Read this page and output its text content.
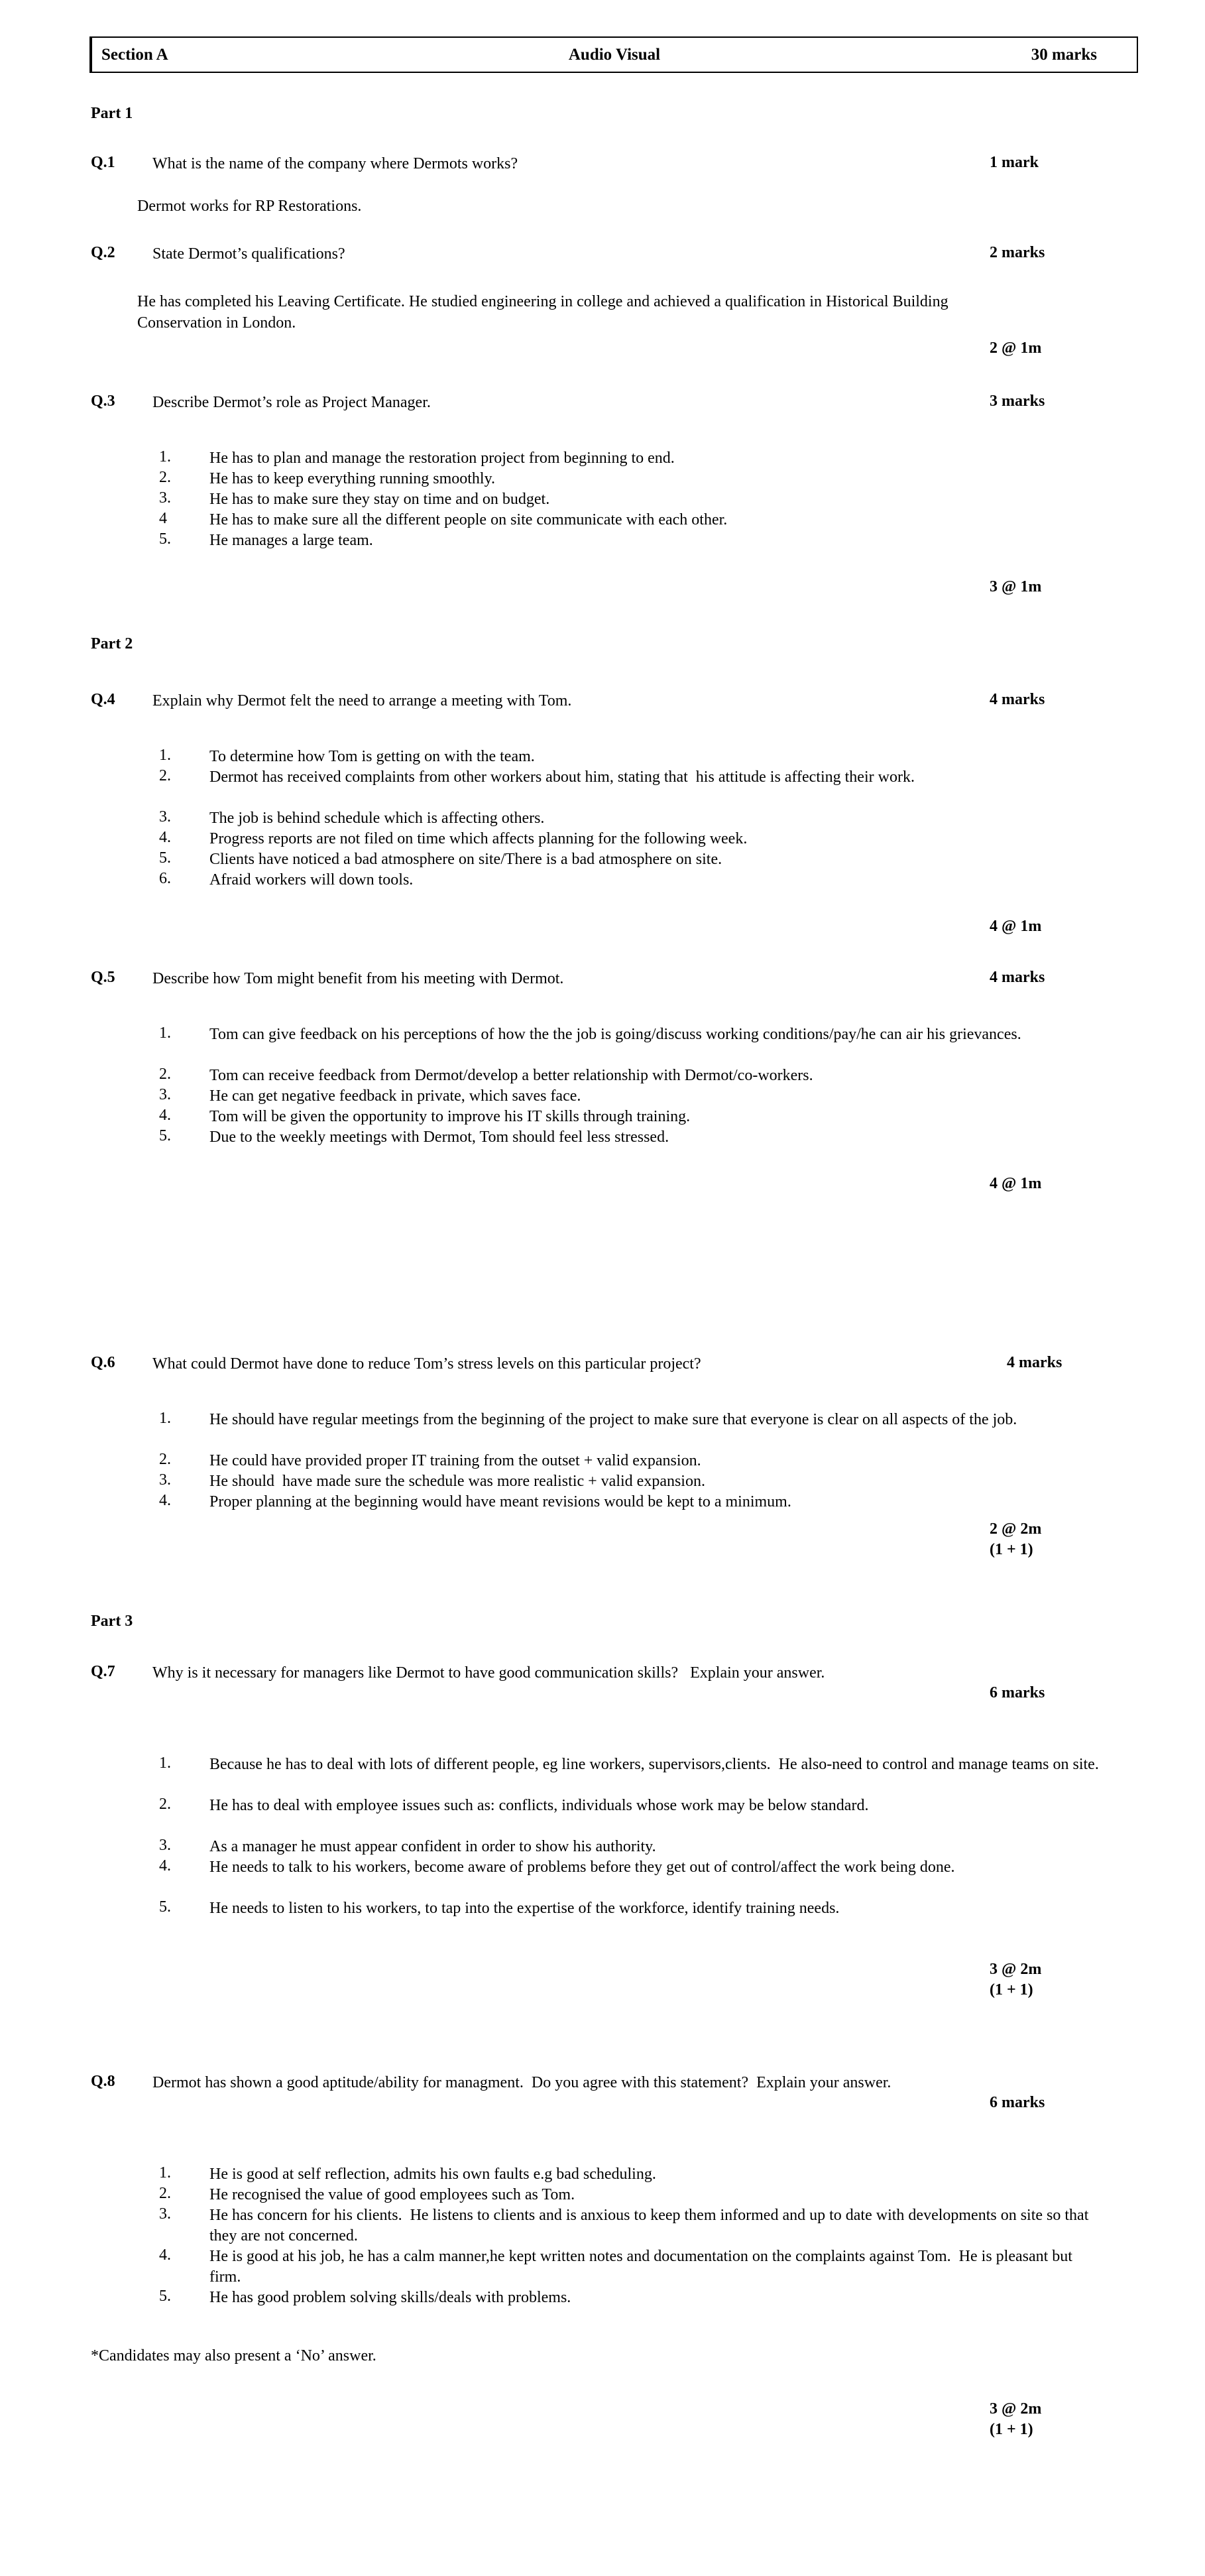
Section A	Audio Visual	30 marks
Part 1
Q.1 What is the name of the company where Dermots works?	1 mark
Dermot works for RP Restorations.
Q.2 State Dermot’s qualifications?	2 marks
He has completed his Leaving Certificate. He studied engineering in college and achieved a qualification in Historical Building Conservation in London.
2 @ 1m
Q.3 Describe Dermot’s role as Project Manager.	3 marks
1.	He has to plan and manage the restoration project from beginning to end.
2.	He has to keep everything running smoothly.
3.	He has to make sure they stay on time and on budget.
4	He has to make sure all the different people on site communicate with each other.
5.	He manages a large team.
3 @ 1m
Part 2
Q.4 Explain why Dermot felt the need to arrange a meeting with Tom.	4 marks
1.	To determine how Tom is getting on with the team.
2.	Dermot has received complaints from other workers about him, stating that  his attitude is affecting their work.
3.	The job is behind schedule which is affecting others.
4.	Progress reports are not filed on time which affects planning for the following week.
5.	Clients have noticed a bad atmosphere on site/There is a bad atmosphere on site.
6.	Afraid workers will down tools.
4 @ 1m
Q.5 Describe how Tom might benefit from his meeting with Dermot.	4 marks
1.	Tom can give feedback on his perceptions of how the the job is going/discuss working conditions/pay/he can air his grievances.
2.	Tom can receive feedback from Dermot/develop a better relationship with Dermot/co-workers.
3.	He can get negative feedback in private, which saves face.
4.	Tom will be given the opportunity to improve his IT skills through training.
5.	Due to the weekly meetings with Dermot, Tom should feel less stressed.
4 @ 1m
Q.6 What could Dermot have done to reduce Tom’s stress levels on this particular project?	4 marks
1.	He should have regular meetings from the beginning of the project to make sure that everyone is clear on all aspects of the job.
2.	He could have provided proper IT training from the outset + valid expansion.
3.	He should  have made sure the schedule was more realistic + valid expansion.
4.	Proper planning at the beginning would have meant revisions would be kept to a minimum.
2 @ 2m
(1 + 1)
Part 3
Q.7 Why is it necessary for managers like Dermot to have good communication skills?   Explain your answer.
6 marks
1.	Because he has to deal with lots of different people, eg line workers, supervisors,clients.  He also-need to control and manage teams on site.
2.	He has to deal with employee issues such as: conflicts, individuals whose work may be below standard.
3.	As a manager he must appear confident in order to show his authority.
4.	He needs to talk to his workers, become aware of problems before they get out of control/affect the work being done.
5.	He needs to listen to his workers, to tap into the expertise of the workforce, identify training needs.
3 @ 2m
(1 + 1)
Q.8 Dermot has shown a good aptitude/ability for managment.  Do you agree with this statement?  Explain your answer.
6 marks
1.	He is good at self reflection, admits his own faults e.g bad scheduling.
2.	He recognised the value of good employees such as Tom.
3.	He has concern for his clients.  He listens to clients and is anxious to keep them informed and up to date with developments on site so that they are not concerned.
4.	He is good at his job, he has a calm manner,he kept written notes and documentation on the complaints against Tom.  He is pleasant but firm.
5.	He has good problem solving skills/deals with problems.
*Candidates may also present a ‘No’ answer.
3 @ 2m
(1 + 1)
